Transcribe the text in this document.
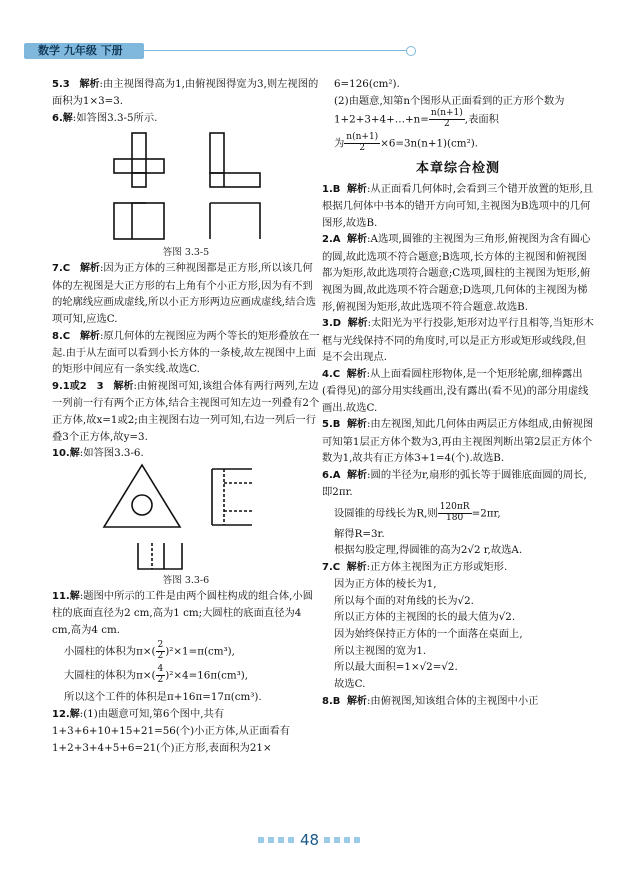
数学 九年级 下册

5.3 解析:由主视图得高为1,由俯视图得宽为3,则左视图的面积为1×3=3.

6.解:如答图3.3-5所示.

答图 3.3-5

7.C 解析:因为正方体的三种视图都是正方形,所以该几何体的左视图是大正方形的右上角有个小正方形,因为有不到的轮廓线应画成虚线,所以小正方形两边应画成虚线,结合选项可知,应选C.

8.C 解析:原几何体的左视图应为两个等长的矩形叠放在一起.由于从左面可以看到小长方体的一条棱,故左视图中上面的矩形中间应有一条实线.故选C.

9.1或2　3 解析:由俯视图可知,该组合体有两行两列,左边一列前一行有两个正方体,结合主视图可知左边一列叠有2个正方体,故x=1或2;由主视图右边一列可知,右边一列后一行叠3个正方体,故y=3.

10.解:如答图3.3-6.

答图 3.3-6

11.解:题图中所示的工件是由两个圆柱构成的组合体,小圆柱的底面直径为2 cm,高为1 cm;大圆柱的底面直径为4 cm,高为4 cm.

小圆柱的体积为$\pi\times( \frac{2}{2} )^2\times 1=\pi(cm^3)$,

大圆柱的体积为$\pi\times( \frac{4}{2} )^2\times 4=16\pi(cm^3)$,

所以这个工件的体积是π+16π=17π(cm³).

12.解:(1)由题意可知,第6个图中,共有1+3+6+10+15+21=56(个)小正方体,从正面看有1+2+3+4+5+6=21(个)正方形,表面积为21×

6=126(cm²).

(2)由题意,知第n个图形从正面看到的正方形个数为1+2+3+4+…+n= $\frac{n(n+1)}{2}$ ,表面积

为 $\frac{n(n+1)}{2} \times 6=3n(n+1)(cm^2)$.

本章综合检测

1.B 解析:从正面看几何体时,会看到三个错开放置的矩形,且根据几何体中书本的错开方向可知,主视图为B选项中的几何图形,故选B.

2.A 解析:A选项,圆锥的主视图为三角形,俯视图为含有圆心的圆,故此选项不符合题意;B选项,长方体的主视图和俯视图都为矩形,故此选项符合题意;C选项,圆柱的主视图为矩形,俯视图为圆,故此选项不符合题意;D选项,几何体的主视图为梯形,俯视图为矩形,故此选项不符合题意.故选B.

3.D 解析:太阳光为平行投影,矩形对边平行且相等,当矩形木框与光线保持不同的角度时,可以是正方形或矩形或线段,但是不会出现点.

4.C 解析:从上面看圆柱形物体,是一个矩形轮廓,细棒露出(看得见)的部分用实线画出,没有露出(看不见)的部分用虚线画出.故选C.

5.B 解析:由左视图,知此几何体由两层正方体组成,由俯视图可知第1层正方体个数为3,再由主视图判断出第2层正方体个数为1,故共有正方体3+1=4(个).故选B.

6.A 解析:圆的半径为r,扇形的弧长等于圆锥底面圆的周长,即2πr.

设圆锥的母线长为R,则 $\frac{120\pi R}{180} =2\pi r$,

解得R=3r.

根据勾股定理,得圆锥的高为2√2 r,故选A.

7.C 解析:正方体主视图为正方形或矩形.

因为正方体的棱长为1,

所以每个面的对角线的长为√2.

所以正方体的主视图的长的最大值为√2.

因为始终保持正方体的一个面落在桌面上,

所以主视图的宽为1.

所以最大面积=1×√2=√2.

故选C.

8.B 解析:由俯视图,知该组合体的主视图中小正

48
